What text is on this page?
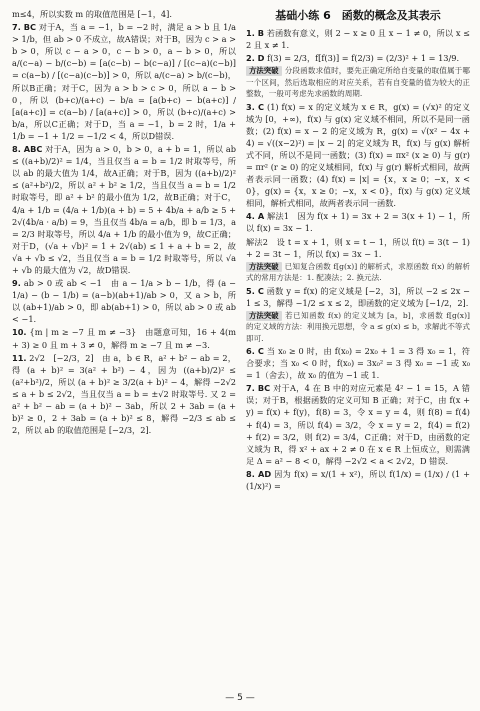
m≤4，所以实数 m 的取值范围是 [−1，4].

7. BC 对于A，当 a = −1，b = −2 时，满足 a > b 且 1/a > 1/b，但 ab > 0 不成立，故A错误；对于B，因为 c > a > b > 0，所以 c − a > 0，c − b > 0，a − b > 0，所以 a/(c−a) − b/(c−b) = [a(c−b) − b(c−a)] / [(c−a)(c−b)] = c(a−b) / [(c−a)(c−b)] > 0，所以 a/(c−a) > b/(c−b)，所以B正确；对于C，因为 a > b > c > 0，所以 a − b > 0，所以 (b+c)/(a+c) − b/a = [a(b+c) − b(a+c)] / [a(a+c)] = c(a−b) / [a(a+c)] > 0，所以 (b+c)/(a+c) > b/a，所以C正确；对于D，当 a = −1，b = 2 时，1/a + 1/b = −1 + 1/2 = −1/2 < 4，所以D错误.

8. ABC 对于A，因为 a > 0，b > 0，a + b = 1，所以 ab ≤ ((a+b)/2)² = 1/4，当且仅当 a = b = 1/2 时取等号，所以 ab 的最大值为 1/4，故A正确；对于B，因为 ((a+b)/2)² ≤ (a²+b²)/2，所以 a² + b² ≥ 1/2，当且仅当 a = b = 1/2 时取等号，即 a² + b² 的最小值为 1/2，故B正确；对于C，4/a + 1/b = (4/a + 1/b)(a + b) = 5 + 4b/a + a/b ≥ 5 + 2√(4b/a · a/b) = 9，当且仅当 4b/a = a/b，即 b = 1/3，a = 2/3 时取等号，所以 4/a + 1/b 的最小值为 9，故C正确；对于D，(√a + √b)² = 1 + 2√(ab) ≤ 1 + a + b = 2，故 √a + √b ≤ √2，当且仅当 a = b = 1/2 时取等号，所以 √a + √b 的最大值为 √2，故D错误.

9. ab > 0 或 ab < −1　由 a − 1/a > b − 1/b，得 (a − 1/a) − (b − 1/b) = (a−b)(ab+1)/ab > 0，又 a > b，所以 (ab+1)/ab > 0，即 ab(ab+1) > 0，所以 ab > 0 或 ab < −1.

10. {m | m ≥ −7 且 m ≠ −3}　由题意可知，16 + 4(m + 3) ≥ 0 且 m + 3 ≠ 0，解得 m ≥ −7 且 m ≠ −3.

11. 2√2　[−2/3，2]　由 a，b ∈ R，a² + b² − ab = 2，得 (a + b)² = 3(a² + b²) − 4，因为 ((a+b)/2)² ≤ (a²+b²)/2，所以 (a + b)² ≥ 3/2(a + b)² − 4，解得 −2√2 ≤ a + b ≤ 2√2，当且仅当 a = b = ±√2 时取等号. 又 2 = a² + b² − ab = (a + b)² − 3ab，所以 2 + 3ab = (a + b)² ≥ 0，2 + 3ab = (a + b)² ≤ 8，解得 −2/3 ≤ ab ≤ 2，所以 ab 的取值范围是 [−2/3，2].

基础小练 6　函数的概念及其表示

1. B 若函数有意义，则 2 − x ≥ 0 且 x − 1 ≠ 0，所以 x ≤ 2 且 x ≠ 1.

2. D f(3) = 2/3，f[f(3)] = f(2/3) = (2/3)² + 1 = 13/9.

方法突破 分段函数求值时，要先正确定所给自变量的取值属于哪一个区间，然后选取相应的对应关系，若有自变量的值为较大的正整数，一般可考虑先求函数的周期.

3. C (1) f(x) = x 的定义域为 x ∈ R，g(x) = (√x)² 的定义域为 [0，+∞)，f(x) 与 g(x) 定义域不相同，所以不是同一函数；(2) f(x) = x − 2 的定义域为 R，g(x) = √(x² − 4x + 4) = √((x−2)²) = |x − 2| 的定义域为 R，f(x) 与 g(x) 解析式不同，所以不是同一函数；(3) f(x) = πx² (x ≥ 0) 与 g(r) = πr² (r ≥ 0) 的定义域相同，f(x) 与 g(r) 解析式相同，故两者表示同一函数；(4) f(x) = |x| = {x，x ≥ 0；−x，x < 0}，g(x) = {x，x ≥ 0；−x，x < 0}，f(x) 与 g(x) 定义域相同，解析式相同，故两者表示同一函数.

4. A 解法1　因为 f(x + 1) = 3x + 2 = 3(x + 1) − 1，所以 f(x) = 3x − 1.

解法2　设 t = x + 1，则 x = t − 1，所以 f(t) = 3(t − 1) + 2 = 3t − 1，所以 f(x) = 3x − 1.

方法突破 已知复合函数 f[g(x)] 的解析式，求原函数 f(x) 的解析式的常用方法是：1. 配凑法；2. 换元法.

5. C 函数 y = f(x) 的定义域是 [−2，3]，所以 −2 ≤ 2x − 1 ≤ 3，解得 −1/2 ≤ x ≤ 2，即函数的定义域为 [−1/2，2].

方法突破 若已知函数 f(x) 的定义域为 [a，b]，求函数 f[g(x)] 的定义域的方法：利用换元思想，令 a ≤ g(x) ≤ b，求解此不等式即可.

6. C 当 x₀ ≥ 0 时，由 f(x₀) = 2x₀ + 1 = 3 得 x₀ = 1，符合要求；当 x₀ < 0 时，f(x₀) = 3x₀² = 3 得 x₀ = −1 或 x₀ = 1（舍去），故 x₀ 的值为 −1 或 1.

7. BC 对于A，4 在 B 中的对应元素是 4² − 1 = 15，A 错误；对于B，根据函数的定义可知 B 正确；对于C，由 f(x + y) = f(x) + f(y)，f(8) = 3，令 x = y = 4，则 f(8) = f(4) + f(4) = 3，所以 f(4) = 3/2，令 x = y = 2，f(4) = f(2) + f(2) = 3/2，则 f(2) = 3/4，C正确；对于D，由函数的定义域为 R，得 x² + ax + 2 ≠ 0 在 x ∈ R 上恒成立，则需满足 Δ = a² − 8 < 0，解得 −2√2 < a < 2√2，D 错误.

8. AD 因为 f(x) = x/(1 + x²)，所以 f(1/x) = (1/x) / (1 + (1/x)²) =

— 5 —
